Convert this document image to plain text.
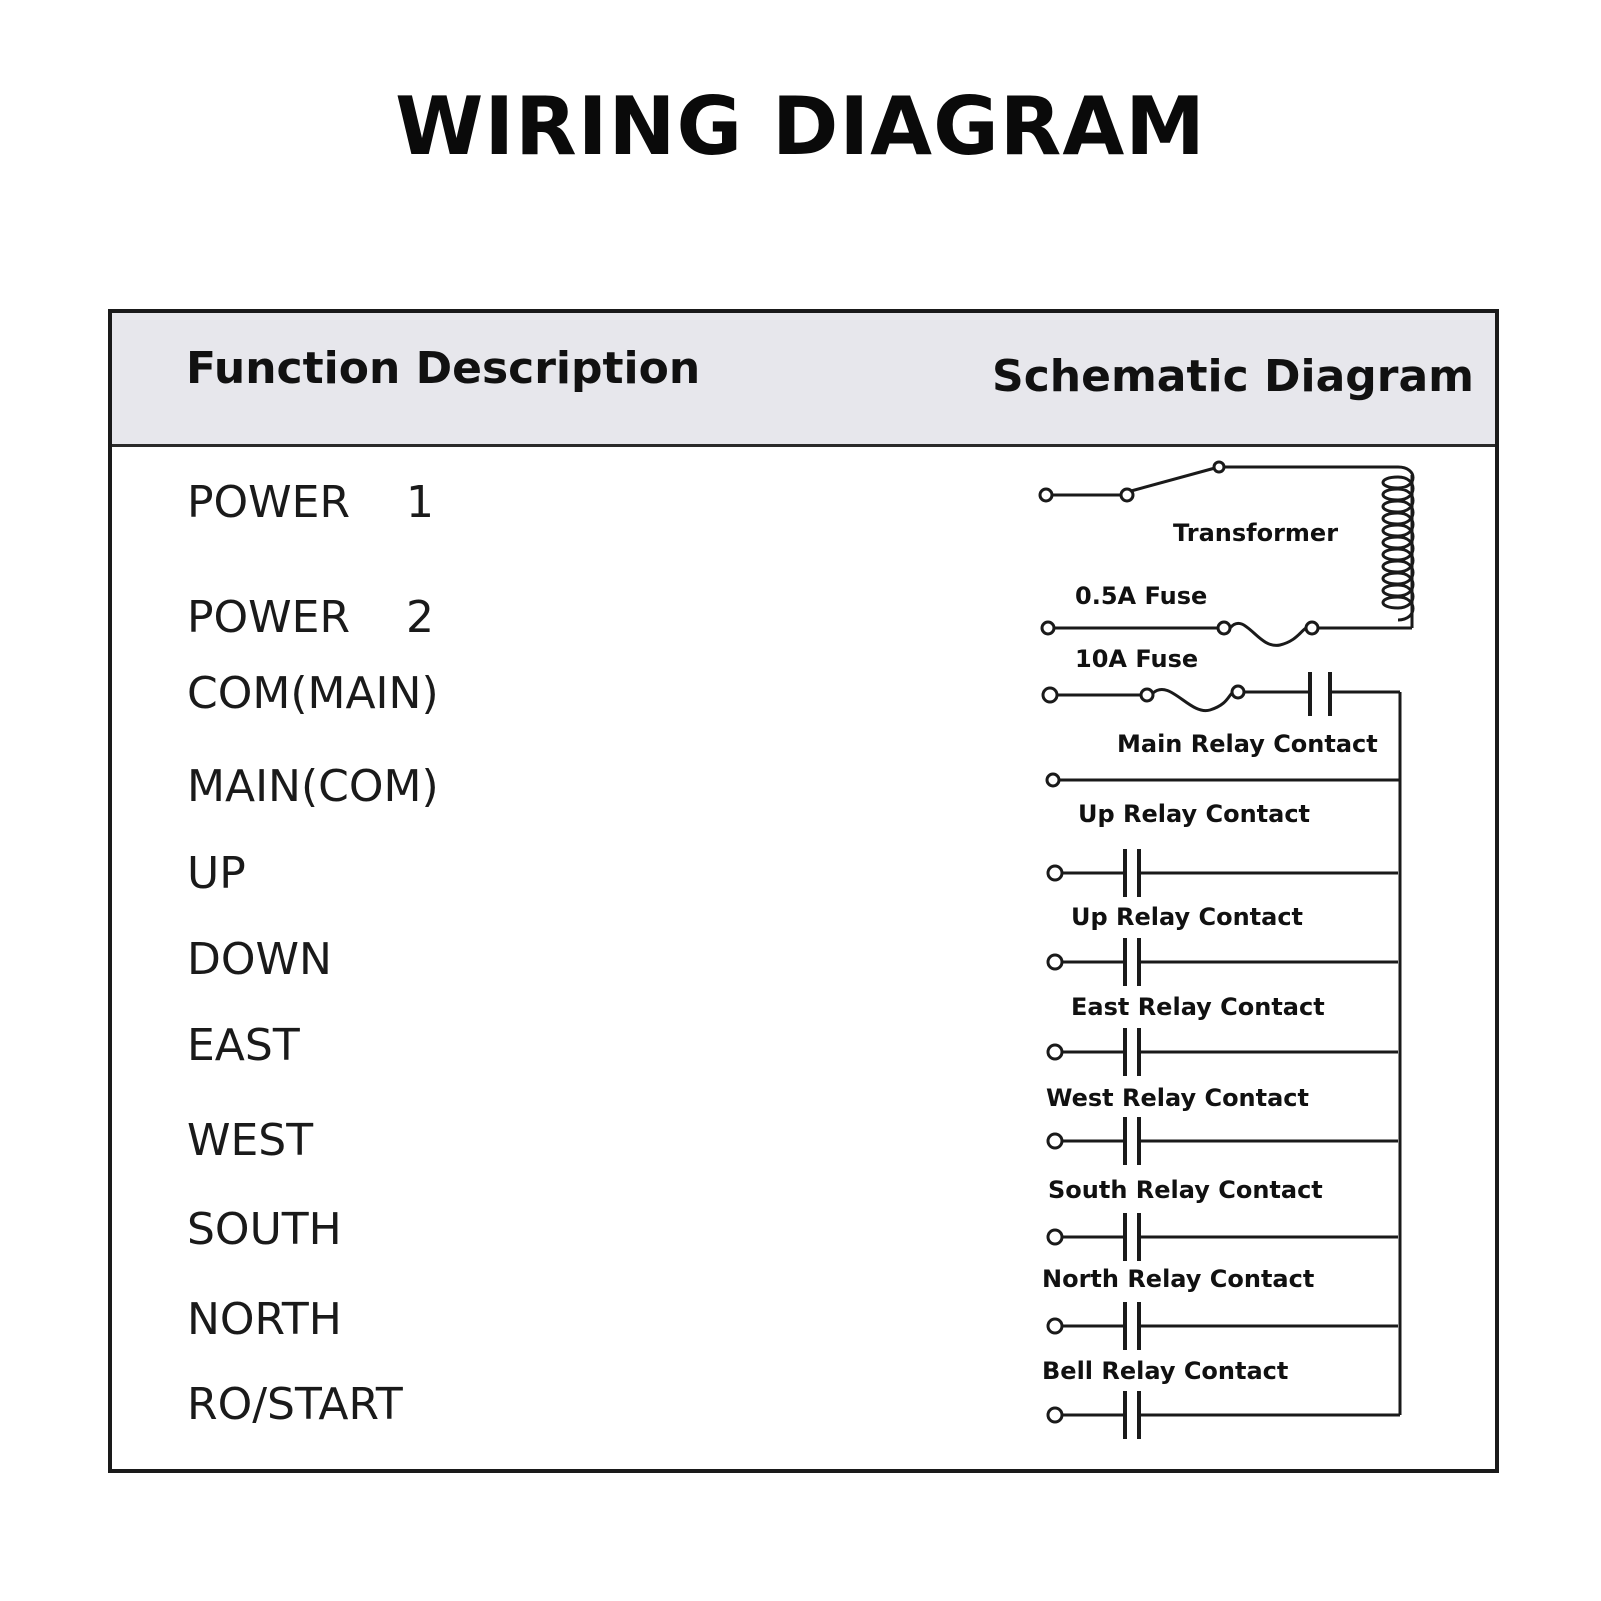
WIRING DIAGRAM
Function Description	Schematic Diagram
POWER    1
POWER    2
COM(MAIN)
MAIN(COM)
UP
DOWN
EAST
WEST
SOUTH
NORTH
RO/START
Transformer
0.5A Fuse
10A Fuse
Main Relay Contact
Up Relay Contact
Up Relay Contact
East Relay Contact
West Relay Contact
South Relay Contact
North Relay Contact
Bell Relay Contact
